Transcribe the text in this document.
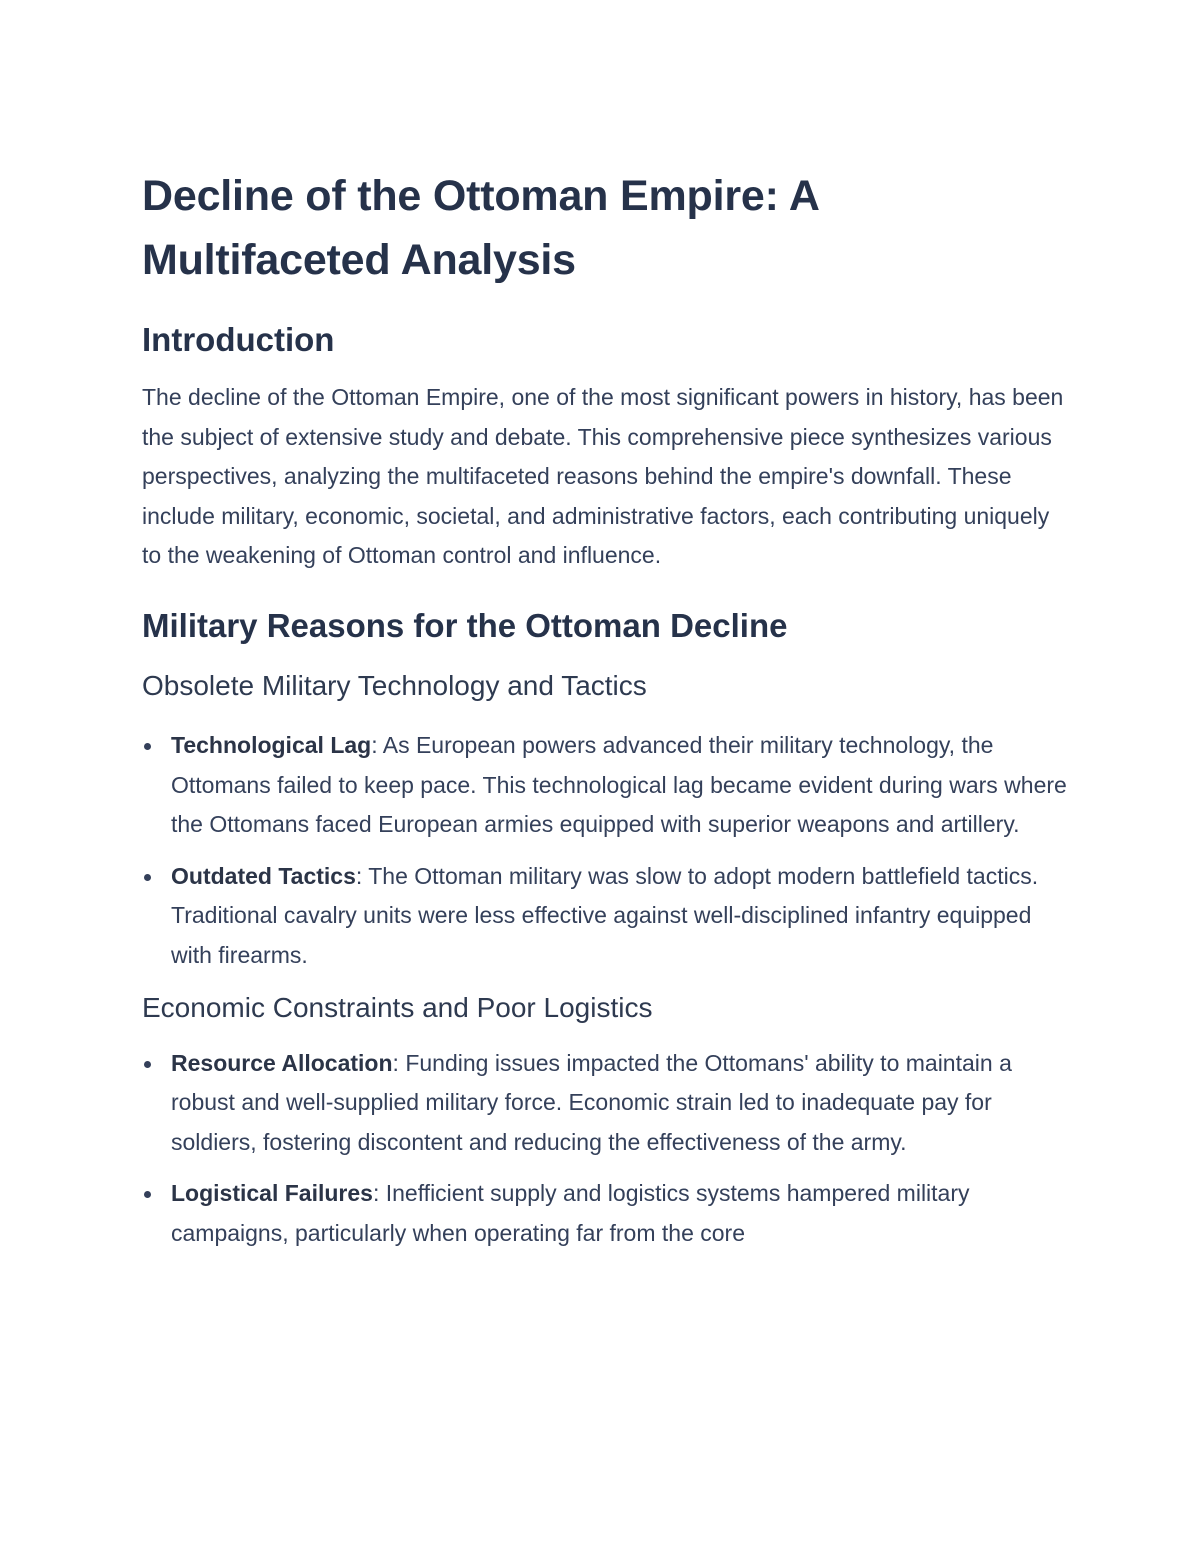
Decline of the Ottoman Empire: A Multifaceted Analysis
Introduction

The decline of the Ottoman Empire, one of the most significant powers in history, has been the subject of extensive study and debate. This comprehensive piece synthesizes various perspectives, analyzing the multifaceted reasons behind the empire's downfall. These include military, economic, societal, and administrative factors, each contributing uniquely to the weakening of Ottoman control and influence.

Military Reasons for the Ottoman Decline
Obsolete Military Technology and Tactics
Technological Lag: As European powers advanced their military technology, the Ottomans failed to keep pace. This technological lag became evident during wars where the Ottomans faced European armies equipped with superior weapons and artillery.
Outdated Tactics: The Ottoman military was slow to adopt modern battlefield tactics. Traditional cavalry units were less effective against well-disciplined infantry equipped with firearms.
Economic Constraints and Poor Logistics
Resource Allocation: Funding issues impacted the Ottomans' ability to maintain a robust and well-supplied military force. Economic strain led to inadequate pay for soldiers, fostering discontent and reducing the effectiveness of the army.
Logistical Failures: Inefficient supply and logistics systems hampered military campaigns, particularly when operating far from the core
